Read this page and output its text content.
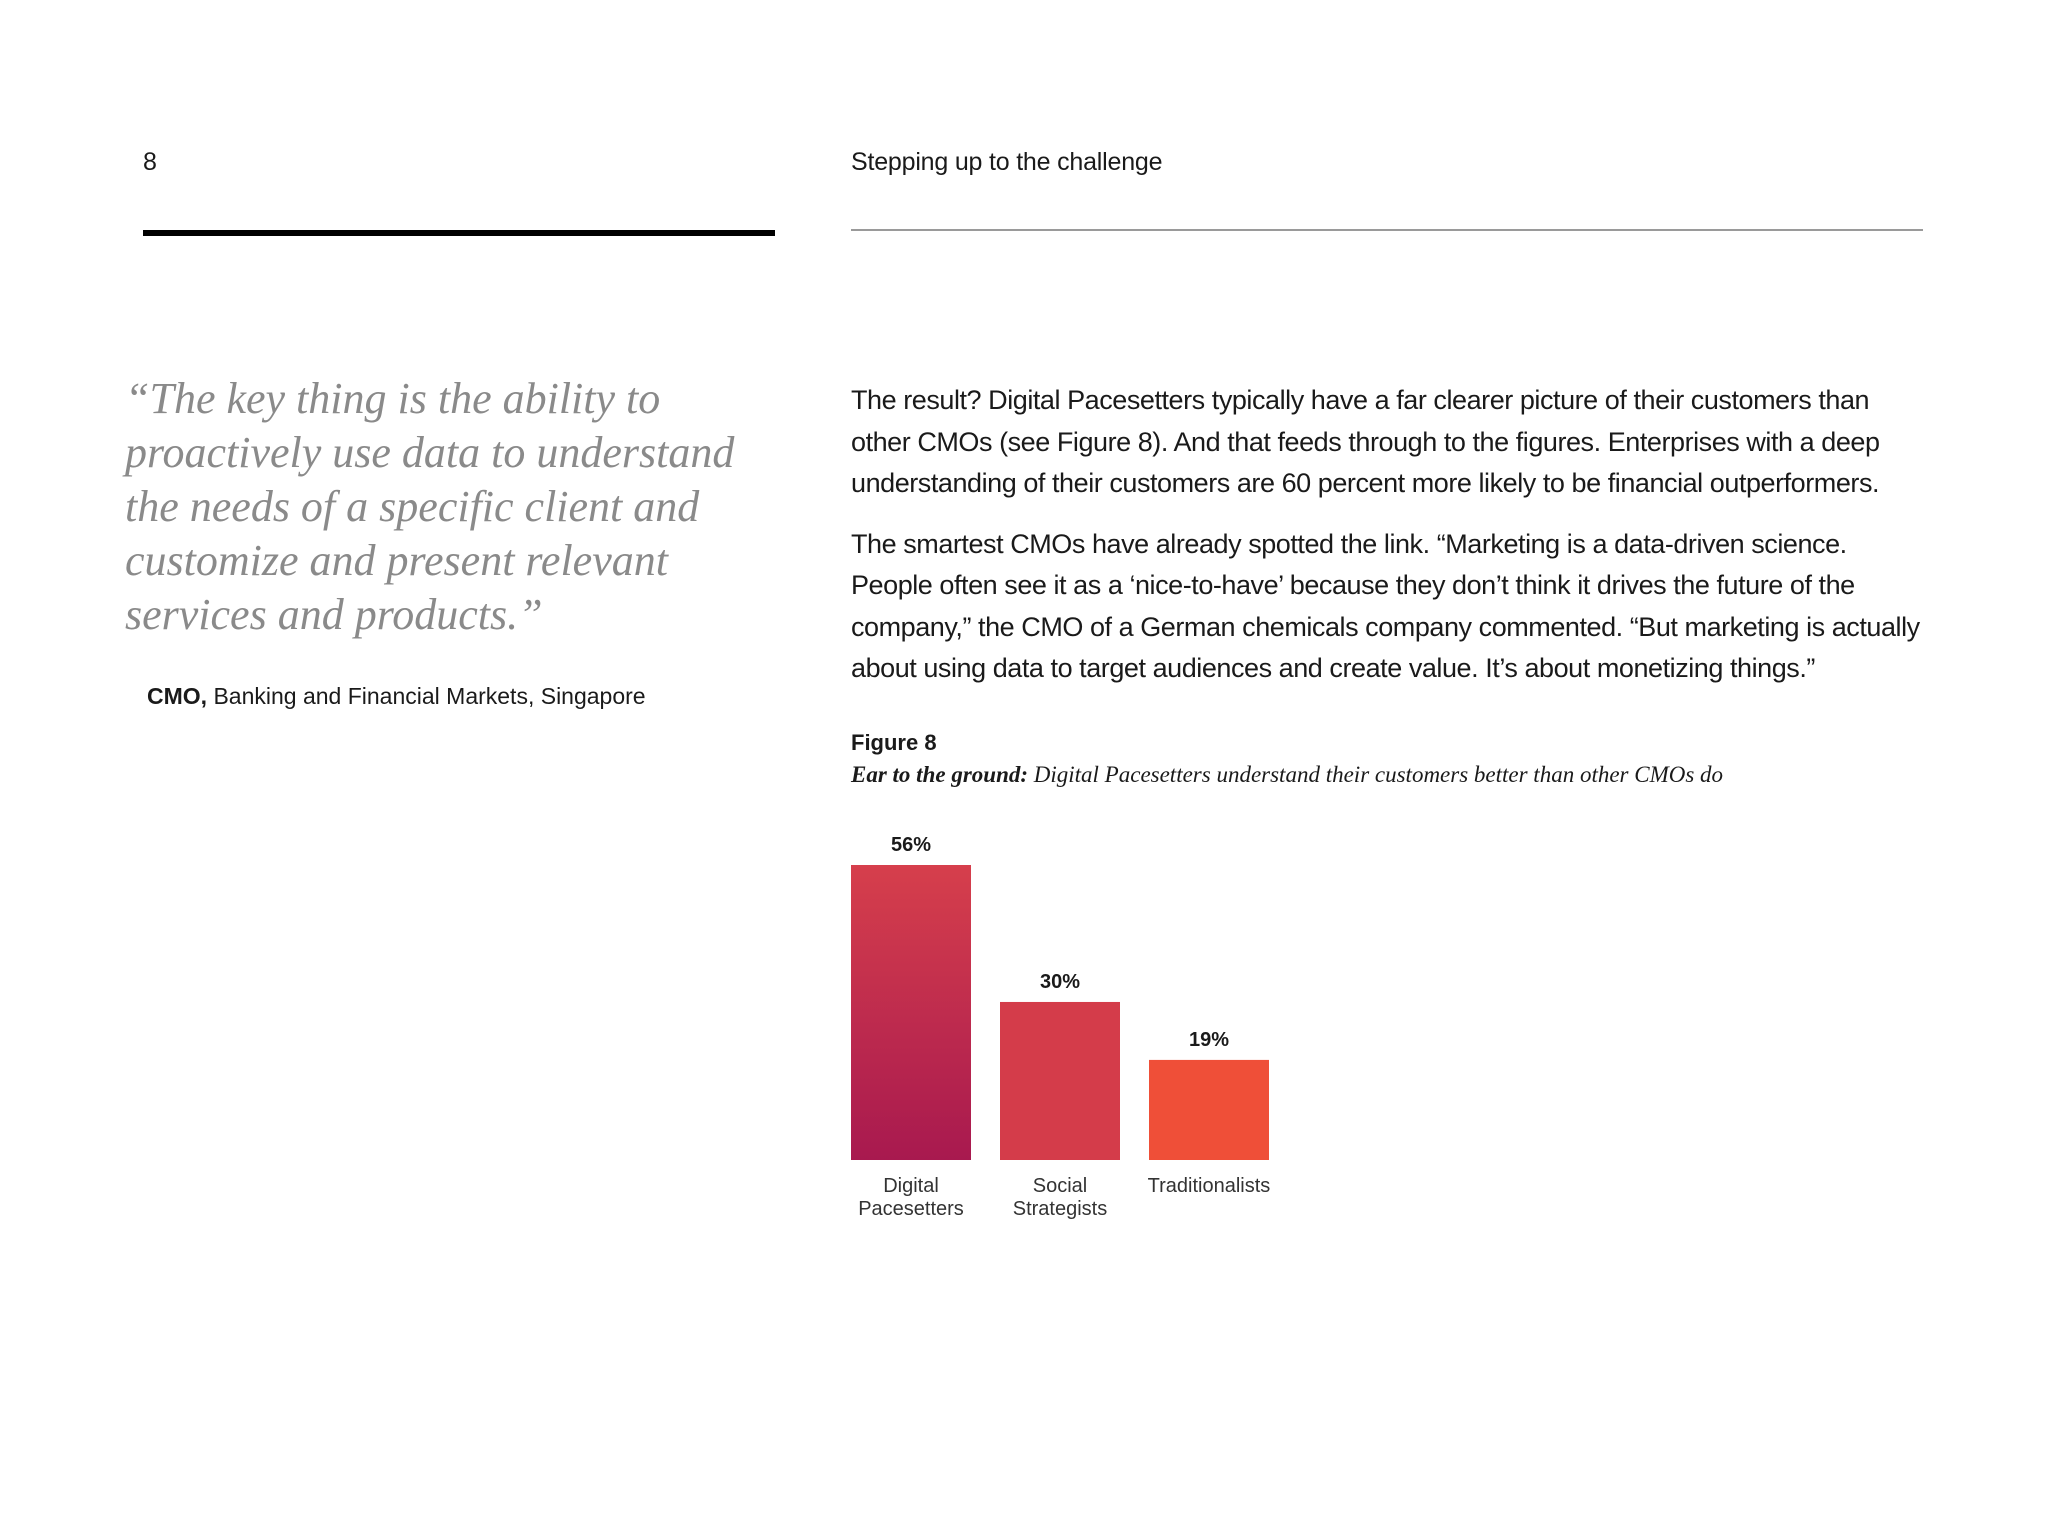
8	Stepping up to the challenge

“The key thing is the ability to

proactively use data to understand

the needs of a specific client and

customize and present relevant

services and products.”

CMO, Banking and Financial Markets, Singapore

The result? Digital Pacesetters typically have a far clearer picture of their customers than other CMOs (see Figure 8). And that feeds through to the figures. Enterprises with a deep understanding of their customers are 60 percent more likely to be financial outperformers.

The smartest CMOs have already spotted the link. “Marketing is a data-driven science. People often see it as a ‘nice-to-have’ because they don’t think it drives the future of the company,” the CMO of a German chemicals company commented. “But marketing is actually about using data to target audiences and create value. It’s about monetizing things.”

Figure 8
Ear to the ground: Digital Pacesetters understand their customers better than other CMOs do
56%
Digital
Pacesetters
30%
Social
Strategists
19%
Traditionalists
